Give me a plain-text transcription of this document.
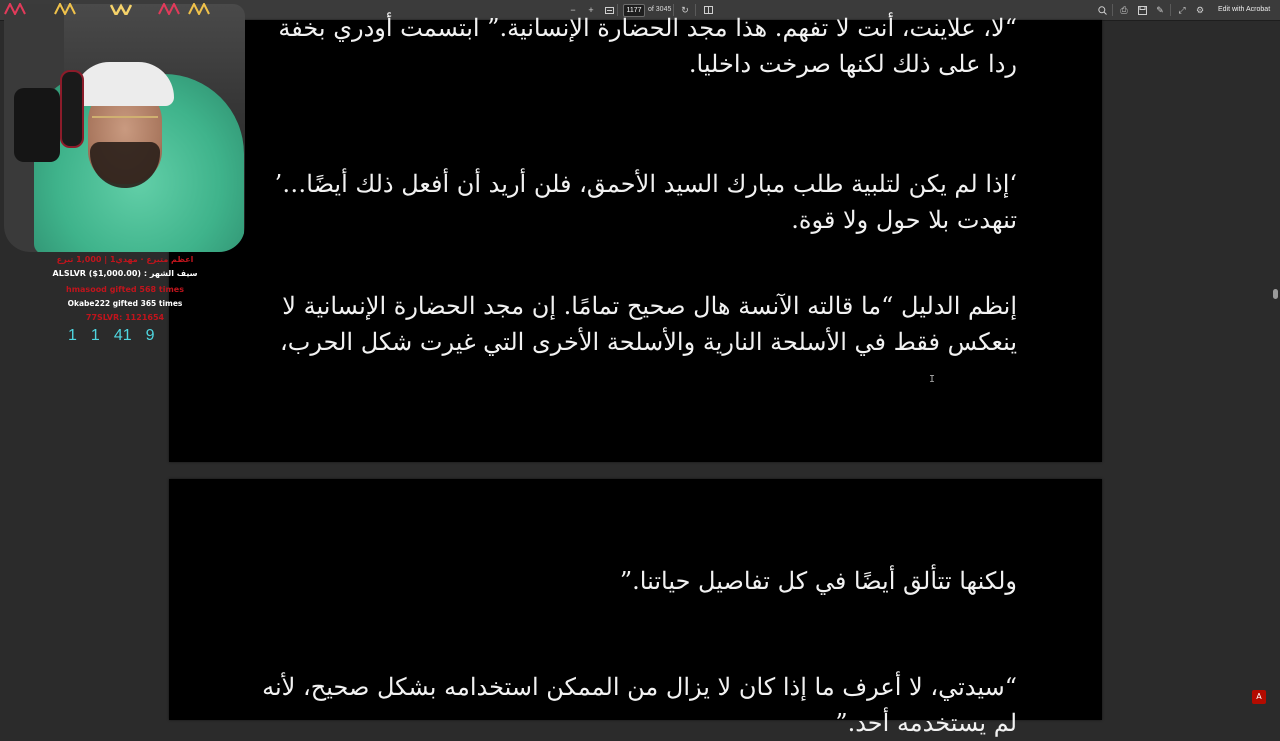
−	+	1177 of 3045	↻	⎙	✎	⤢	⚙	Edit with Acrobat
“لا، علاينت، أنت لا تفهم. هذا مجد الحضارة الإنسانية.” ابتسمت أودري بخفة
ردا على ذلك لكنها صرخت داخليا.
‘إذا لم يكن لتلبية طلب مبارك السيد الأحمق، فلن أريد أن أفعل ذلك أيضًا…’
تنهدت بلا حول ولا قوة.
إنظم الدليل “ما قالته الآنسة هال صحيح تمامًا. إن مجد الحضارة الإنسانية لا
ينعكس فقط في الأسلحة النارية والأسلحة الأخرى التي غيرت شكل الحرب،
ولكنها تتألق أيضًا في كل تفاصيل حياتنا.”
“سيدتي، لا أعرف ما إذا كان لا يزال من الممكن استخدامه بشكل صحيح، لأنه
لم يستخدمه أحد.”
I
A
اعظم متبرع · مهدي1 | 1,000 تبرع
ALSLVR ($1,000.00) : سيف الشهر
hmasood gifted 568 times
Okabe222 gifted 365 times
77SLVR: 1121654
1 1 41 9
